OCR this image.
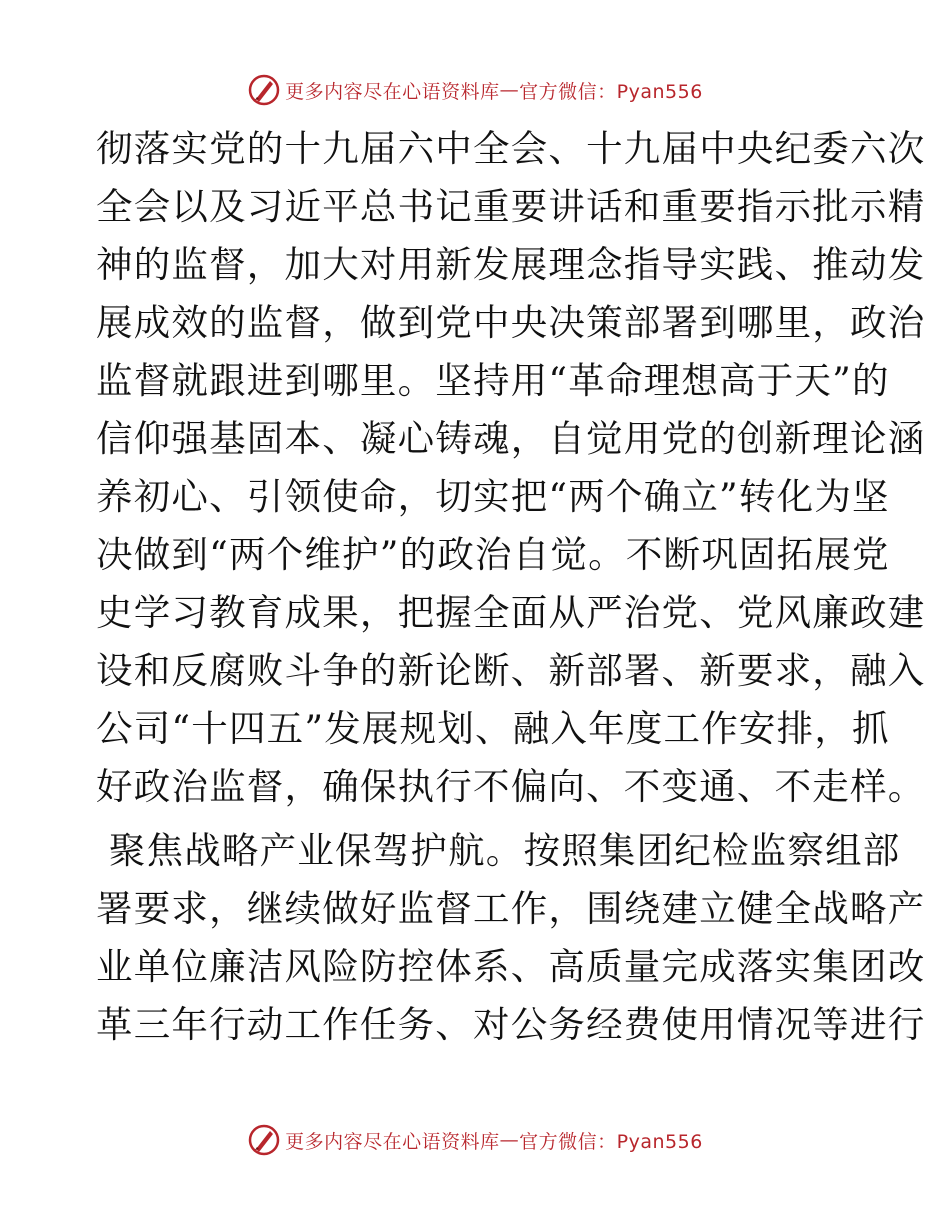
更多内容尽在心语资料库 — 官方微信：Pyan556
彻落实党的十九届六中全会、十九届中央纪委六次
全会以及习近平总书记重要讲话和重要指示批示精
神的监督，加大对用新发展理念指导实践、推动发
展成效的监督，做到党中央决策部署到哪里，政治
监督就跟进到哪里。坚持用“革命理想高于天”的
信仰强基固本、凝心铸魂，自觉用党的创新理论涵
养初心、引领使命，切实把“两个确立”转化为坚
决做到“两个维护”的政治自觉。不断巩固拓展党
史学习教育成果，把握全面从严治党、党风廉政建
设和反腐败斗争的新论断、新部署、新要求，融入
公司“十四五”发展规划、融入年度工作安排，抓
好政治监督，确保执行不偏向、不变通、不走样。
聚焦战略产业保驾护航。按照集团纪检监察组部
署要求，继续做好监督工作，围绕建立健全战略产
业单位廉洁风险防控体系、高质量完成落实集团改
革三年行动工作任务、对公务经费使用情况等进行
更多内容尽在心语资料库 — 官方微信：Pyan556
